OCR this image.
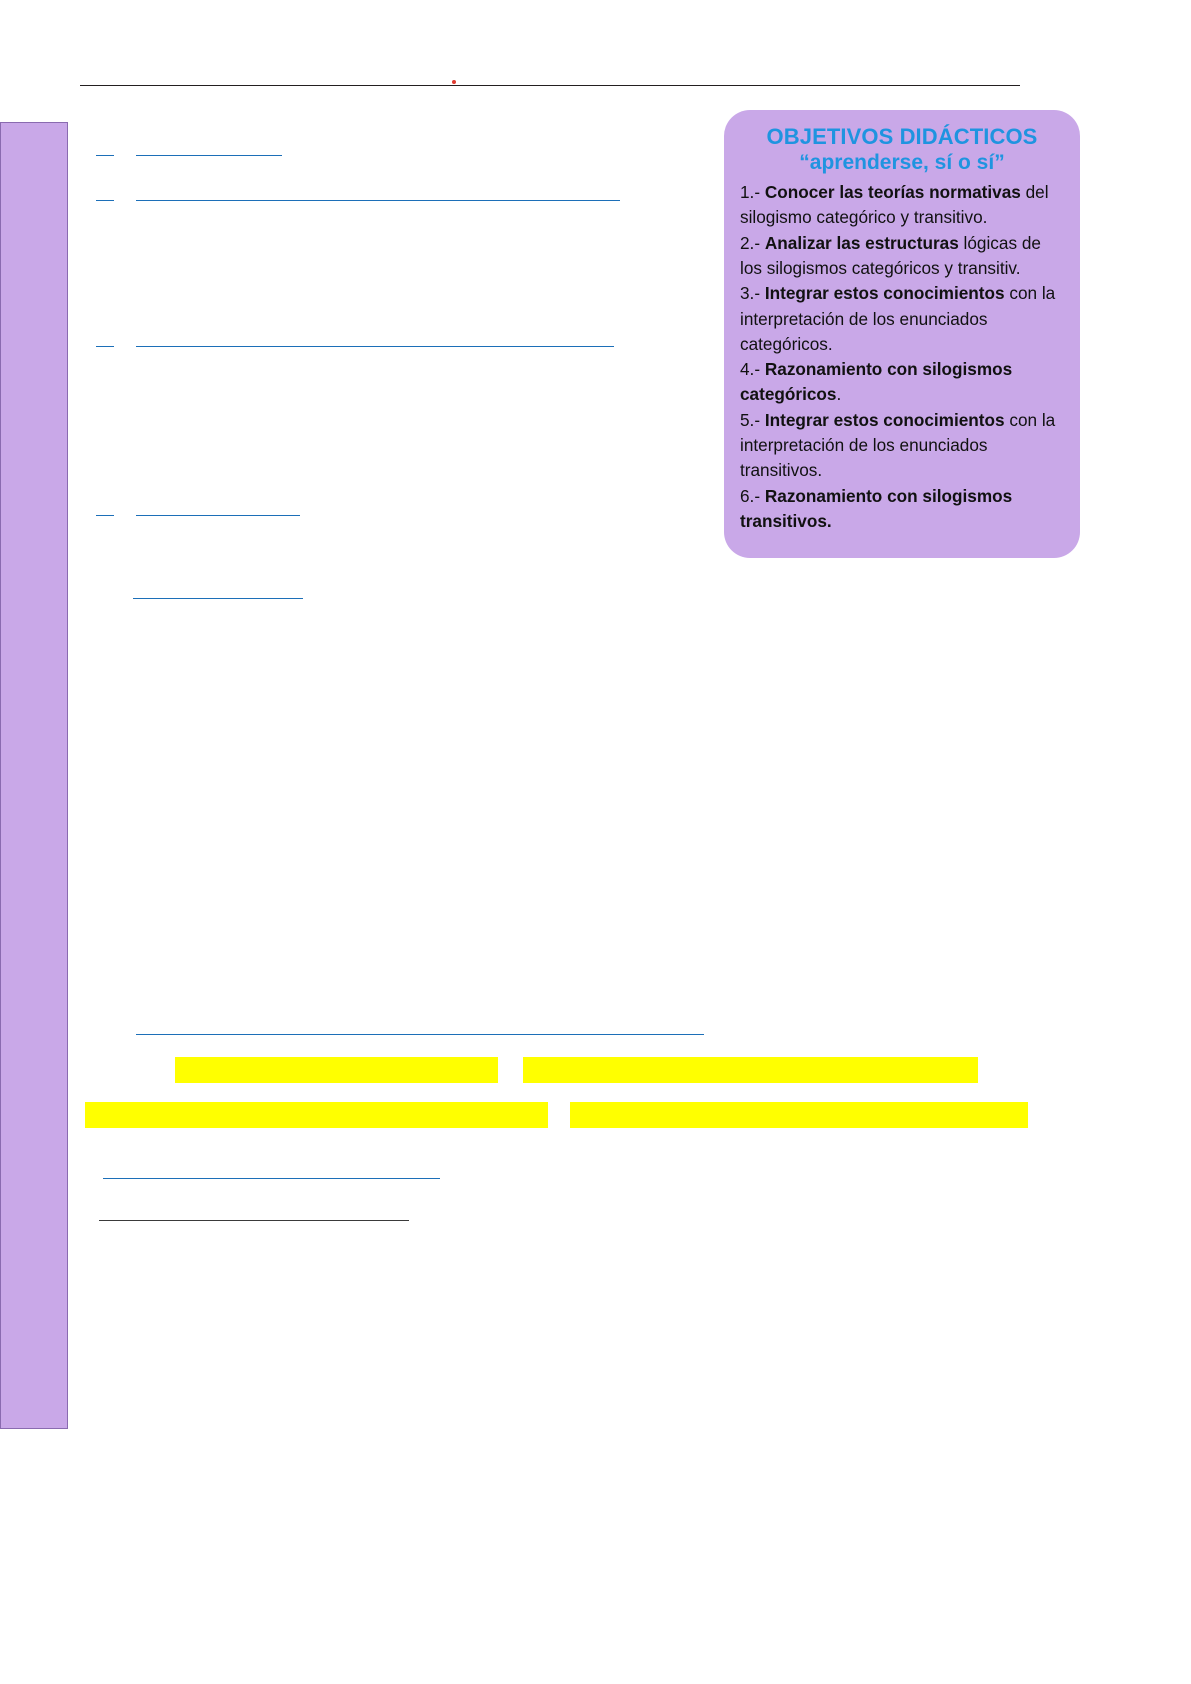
OBJETIVOS DIDÁCTICOS
“aprenderse, sí o sí”
1.- Conocer las teorías normativas del silogismo categórico y transitivo.
2.- Analizar las estructuras lógicas de los silogismos categóricos y transitiv.
3.- Integrar estos conocimientos con la interpretación de los enunciados categóricos.
4.- Razonamiento con silogismos categóricos.
5.- Integrar estos conocimientos con la interpretación de los enunciados transitivos.
6.- Razonamiento con silogismos transitivos.
